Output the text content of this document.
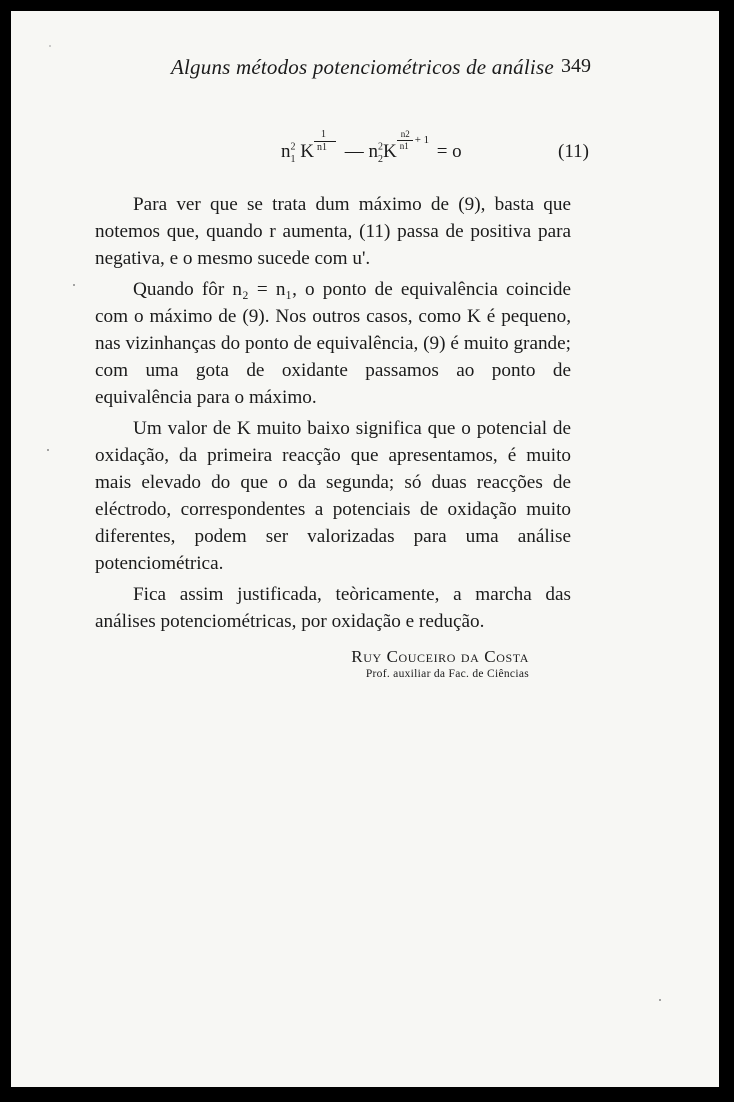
Alguns métodos potenciométricos de análise 349
$n^2_1$ K $\frac{1}{n1}$ — $n^2_2K$
n2
n1 + 1
= o	(11)

Para ver que se trata dum máximo de (9), basta que notemos que, quando r aumenta, (11) passa de positiva para negativa, e o mesmo sucede com u'.

Quando fôr n₂ = n₁, o ponto de equivalência coincide com o máximo de (9). Nos outros casos, como K é pequeno, nas vizinhanças do ponto de equivalência, (9) é muito grande; com uma gota de oxidante passamos ao ponto de equivalência para o máximo.

Um valor de K muito baixo significa que o potencial de oxidação, da primeira reacção que apresentamos, é muito mais elevado do que o da segunda; só duas reacções de eléctrodo, correspondentes a potenciais de oxidação muito diferentes, podem ser valorizadas para uma análise potenciométrica.

Fica assim justificada, teòricamente, a marcha das análises potenciométricas, por oxidação e redução.

Ruy Couceiro da Costa
Prof. auxiliar da Fac. de Ciências
